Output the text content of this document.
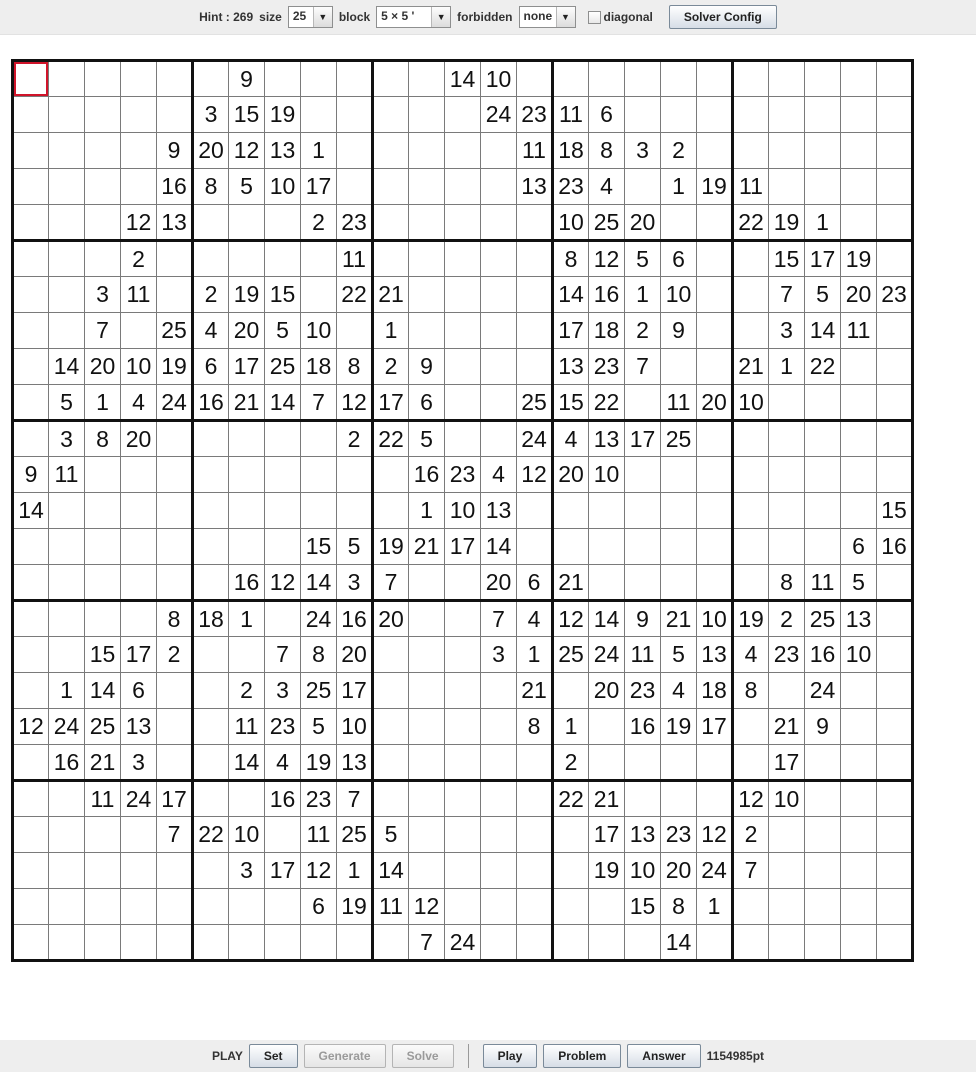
Hint : 269 size 25	▼ block 5 × 5 '	▼ forbidden none ▼	diagonal	Solver Config
						9						14	10											
					3	15	19						24	23	11	6								
				9	20	12	13	1						11	18	8	3	2						
				16	8	5	10	17						13	23	4		1	19	11				
			12	13				2	23						10	25	20			22	19	1		
			2						11						8	12	5	6			15	17	19	
		3	11		2	19	15		22	21					14	16	1	10			7	5	20	23
		7		25	4	20	5	10		1					17	18	2	9			3	14	11	
	14	20	10	19	6	17	25	18	8	2	9				13	23	7			21	1	22		
	5	1	4	24	16	21	14	7	12	17	6			25	15	22		11	20	10				
	3	8	20						2	22	5			24	4	13	17	25						
9	11										16	23	4	12	20	10								
14											1	10	13											15
								15	5	19	21	17	14										6	16
						16	12	14	3	7			20	6	21						8	11	5	
				8	18	1		24	16	20			7	4	12	14	9	21	10	19	2	25	13	
		15	17	2			7	8	20				3	1	25	24	11	5	13	4	23	16	10	
	1	14	6			2	3	25	17					21		20	23	4	18	8		24		
12	24	25	13			11	23	5	10					8	1		16	19	17		21	9		
	16	21	3			14	4	19	13						2						17			
		11	24	17			16	23	7						22	21				12	10			
				7	22	10		11	25	5						17	13	23	12	2				
						3	17	12	1	14						19	10	20	24	7				
								6	19	11	12						15	8	1					
											7	24						14						
PLAY	Set	Generate	Solve	Play	Problem	Answer	1154985pt
